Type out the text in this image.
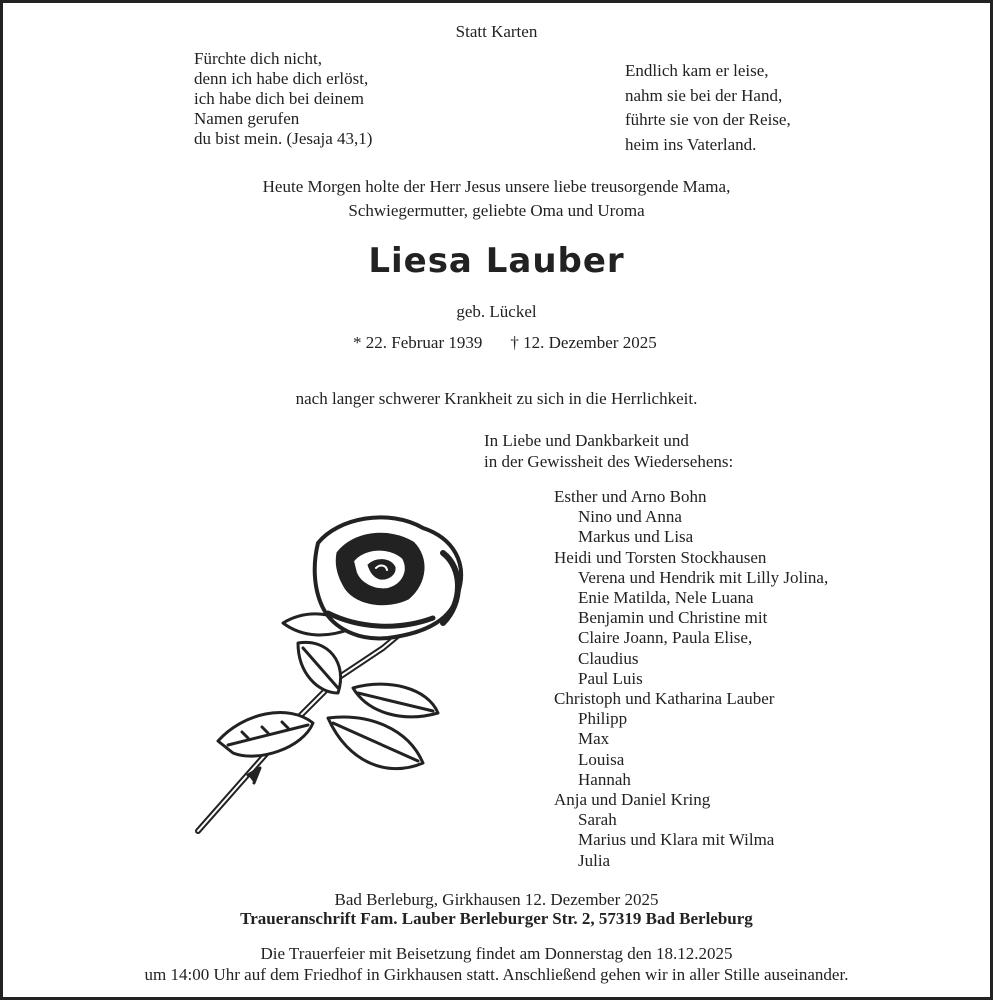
Statt Karten
Fürchte dich nicht,
denn ich habe dich erlöst,
ich habe dich bei deinem
Namen gerufen
du bist mein. (Jesaja 43,1)
Endlich kam er leise,
nahm sie bei der Hand,
führte sie von der Reise,
heim ins Vaterland.
Heute Morgen holte der Herr Jesus unsere liebe treusorgende Mama,
Schwiegermutter, geliebte Oma und Uroma
Liesa Lauber
geb. Lückel
* 22. Februar 1939 † 12. Dezember 2025
nach langer schwerer Krankheit zu sich in die Herrlichkeit.
In Liebe und Dankbarkeit und
in der Gewissheit des Wiedersehens:
Esther und Arno Bohn
Nino und Anna
Markus und Lisa
Heidi und Torsten Stockhausen
Verena und Hendrik mit Lilly Jolina,
Enie Matilda, Nele Luana
Benjamin und Christine mit
Claire Joann, Paula Elise,
Claudius
Paul Luis
Christoph und Katharina Lauber
Philipp
Max
Louisa
Hannah
Anja und Daniel Kring
Sarah
Marius und Klara mit Wilma
Julia
Bad Berleburg, Girkhausen 12. Dezember 2025
Traueranschrift Fam. Lauber Berleburger Str. 2, 57319 Bad Berleburg
Die Trauerfeier mit Beisetzung findet am Donnerstag den 18.12.2025
um 14:00 Uhr auf dem Friedhof in Girkhausen statt. Anschließend gehen wir in aller Stille auseinander.
